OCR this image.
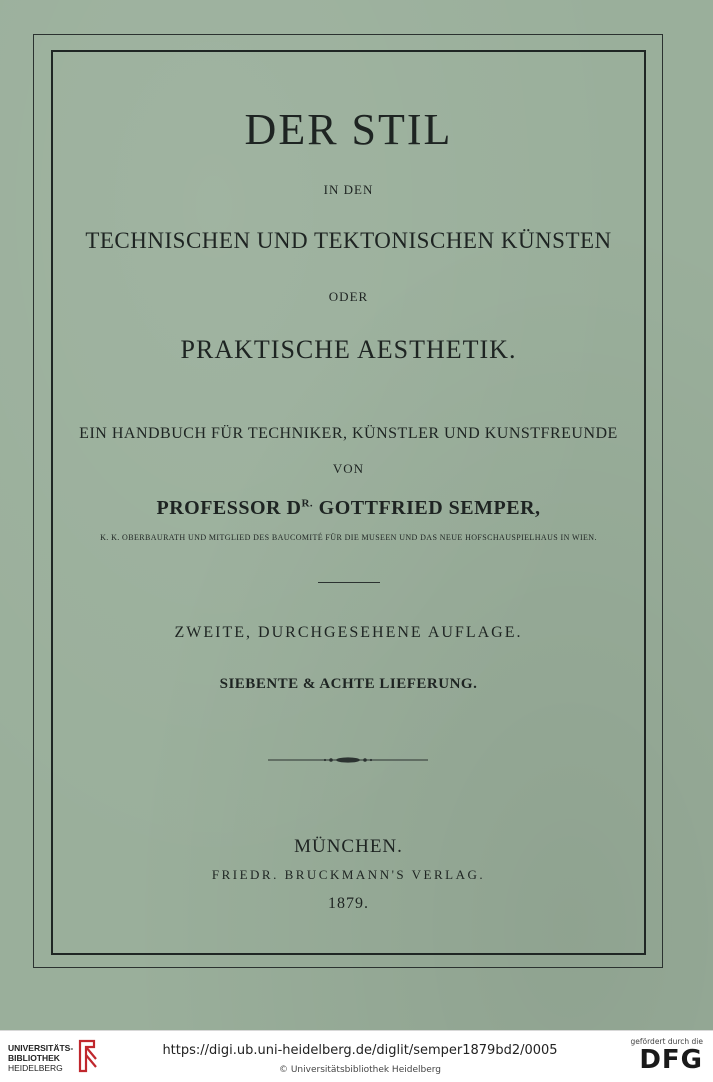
DER STIL
IN DEN
TECHNISCHEN UND TEKTONISCHEN KÜNSTEN
ODER
PRAKTISCHE AESTHETIK.
EIN HANDBUCH FÜR TECHNIKER, KÜNSTLER UND KUNSTFREUNDE
VON
PROFESSOR $D^{R.}$ GOTTFRIED SEMPER,
K. K. OBERBAURATH UND MITGLIED DES BAUCOMITÉ FÜR DIE MUSEEN UND DAS NEUE HOFSCHAUSPIELHAUS IN WIEN.
ZWEITE, DURCHGESEHENE AUFLAGE.
SIEBENTE & ACHTE LIEFERUNG.
MÜNCHEN.
FRIEDR. BRUCKMANN'S VERLAG.
1879.
UNIVERSITÄTS-
BIBLIOTHEK
HEIDELBERG
https://digi.ub.uni-heidelberg.de/diglit/semper1879bd2/0005
© Universitätsbibliothek Heidelberg
gefördert durch die
DFG
